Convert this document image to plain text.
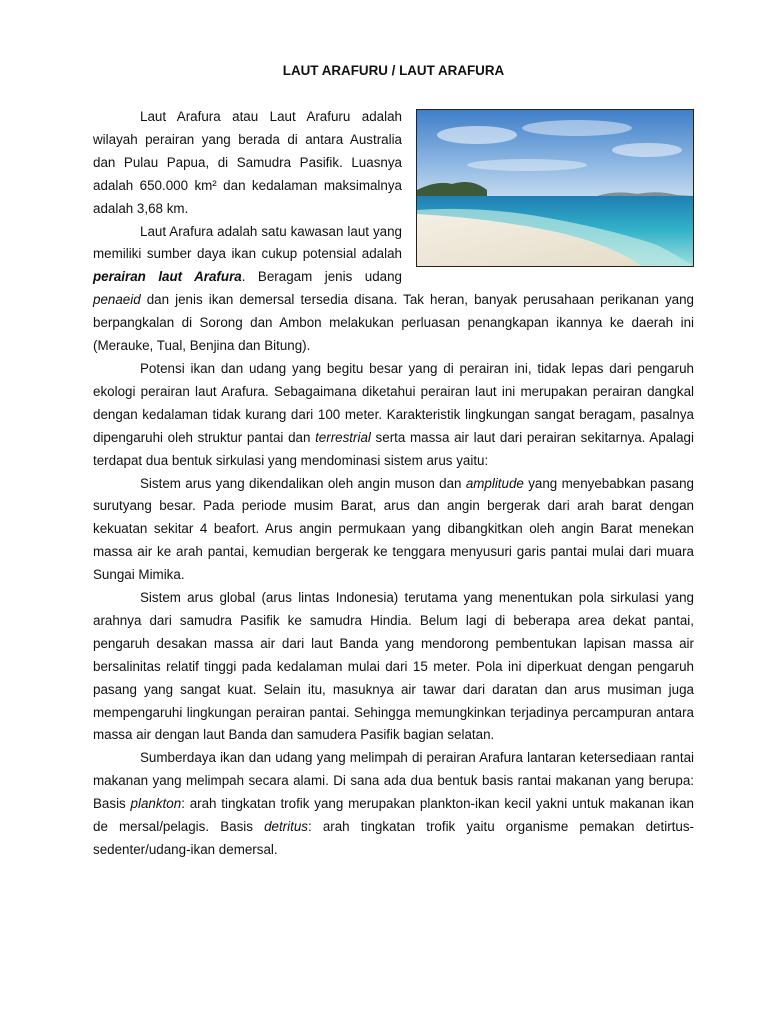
LAUT ARAFURU / LAUT ARAFURA

Laut Arafura atau Laut Arafuru adalah wilayah perairan yang berada di antara Australia dan Pulau Papua, di Samudra Pasifik. Luasnya adalah 650.000 km² dan kedalaman maksimalnya adalah 3,68 km.

Laut Arafura adalah satu kawasan laut yang memiliki sumber daya ikan cukup potensial adalah perairan laut Arafura. Beragam jenis udang penaeid dan jenis ikan demersal tersedia disana. Tak heran, banyak perusahaan perikanan yang berpangkalan di Sorong dan Ambon melakukan perluasan penangkapan ikannya ke daerah ini (Merauke, Tual, Benjina dan Bitung).

Potensi ikan dan udang yang begitu besar yang di perairan ini, tidak lepas dari pengaruh ekologi perairan laut Arafura. Sebagaimana diketahui perairan laut ini merupakan perairan dangkal dengan kedalaman tidak kurang dari 100 meter. Karakteristik lingkungan sangat beragam, pasalnya dipengaruhi oleh struktur pantai dan terrestrial serta massa air laut dari perairan sekitarnya. Apalagi terdapat dua bentuk sirkulasi yang mendominasi sistem arus yaitu:

Sistem arus yang dikendalikan oleh angin muson dan amplitude yang menyebabkan pasang surutyang besar. Pada periode musim Barat, arus dan angin bergerak dari arah barat dengan kekuatan sekitar 4 beafort. Arus angin permukaan yang dibangkitkan oleh angin Barat menekan massa air ke arah pantai, kemudian bergerak ke tenggara menyusuri garis pantai mulai dari muara Sungai Mimika.

Sistem arus global (arus lintas Indonesia) terutama yang menentukan pola sirkulasi yang arahnya dari samudra Pasifik ke samudra Hindia. Belum lagi di beberapa area dekat pantai, pengaruh desakan massa air dari laut Banda yang mendorong pembentukan lapisan massa air bersalinitas relatif tinggi pada kedalaman mulai dari 15 meter. Pola ini diperkuat dengan pengaruh pasang yang sangat kuat. Selain itu, masuknya air tawar dari daratan dan arus musiman juga mempengaruhi lingkungan perairan pantai. Sehingga memungkinkan terjadinya percampuran antara massa air dengan laut Banda dan samudera Pasifik bagian selatan.

Sumberdaya ikan dan udang yang melimpah di perairan Arafura lantaran ketersediaan rantai makanan yang melimpah secara alami. Di sana ada dua bentuk basis rantai makanan yang berupa: Basis plankton: arah tingkatan trofik yang merupakan plankton-ikan kecil yakni untuk makanan ikan de mersal/pelagis. Basis detritus: arah tingkatan trofik yaitu organisme pemakan detirtus-sedenter/udang-ikan demersal.
